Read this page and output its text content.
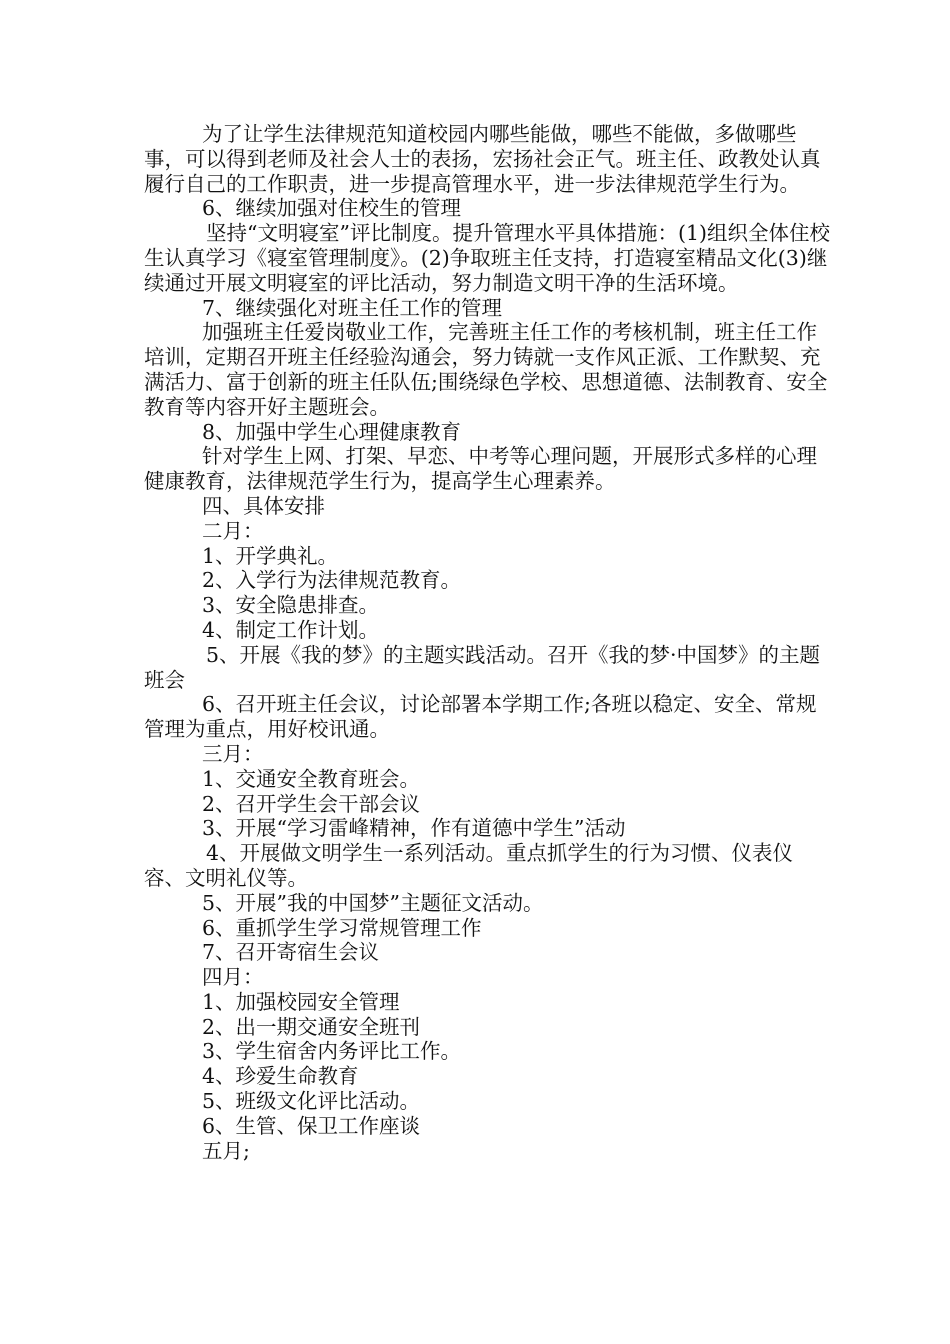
为了让学生法律规范知道校园内哪些能做，哪些不能做，多做哪些事，可以得到老师及社会人士的表扬，宏扬社会正气。班主任、政教处认真履行自己的工作职责，进一步提高管理水平，进一步法律规范学生行为。

6、继续加强对住校生的管理

坚持“文明寝室”评比制度。提升管理水平具体措施：(1)组织全体住校生认真学习《寝室管理制度》。(2)争取班主任支持，打造寝室精品文化(3)继续通过开展文明寝室的评比活动，努力制造文明干净的生活环境。

7、继续强化对班主任工作的管理

加强班主任爱岗敬业工作，完善班主任工作的考核机制，班主任工作培训，定期召开班主任经验沟通会，努力铸就一支作风正派、工作默契、充满活力、富于创新的班主任队伍;围绕绿色学校、思想道德、法制教育、安全教育等内容开好主题班会。

8、加强中学生心理健康教育

针对学生上网、打架、早恋、中考等心理问题，开展形式多样的心理健康教育，法律规范学生行为，提高学生心理素养。

四、具体安排

二月：

1、开学典礼。

2、入学行为法律规范教育。

3、安全隐患排查。

4、制定工作计划。

5、开展《我的梦》的主题实践活动。召开《我的梦·中国梦》的主题班会

6、召开班主任会议，讨论部署本学期工作;各班以稳定、安全、常规管理为重点，用好校讯通。

三月：

1、交通安全教育班会。

2、召开学生会干部会议

3、开展“学习雷峰精神，作有道德中学生”活动

4、开展做文明学生一系列活动。重点抓学生的行为习惯、仪表仪容、文明礼仪等。

5、开展”我的中国梦”主题征文活动。

6、重抓学生学习常规管理工作

7、召开寄宿生会议

四月：

1、加强校园安全管理

2、出一期交通安全班刊

3、学生宿舍内务评比工作。

4、珍爱生命教育

5、班级文化评比活动。

6、生管、保卫工作座谈

五月;
